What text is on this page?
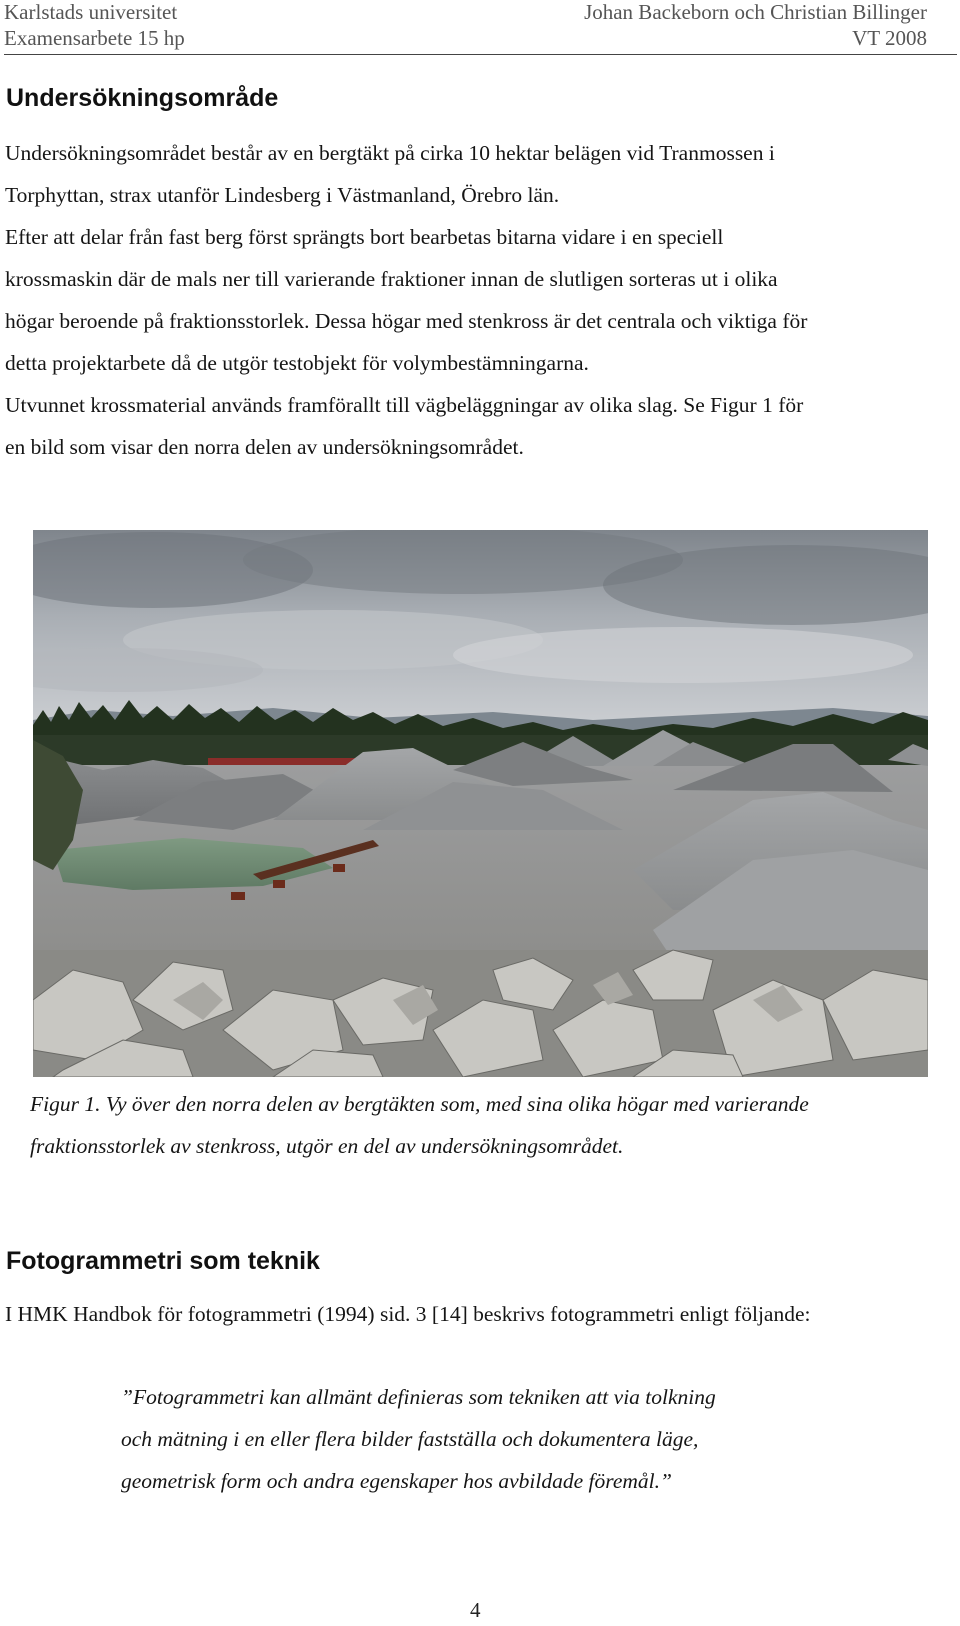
Karlstads universitet
Examensarbete 15 hp
Johan Backeborn och Christian Billinger
VT 2008
Undersökningsområde
Undersökningsområdet består av en bergtäkt på cirka 10 hektar belägen vid Tranmossen i
Torphyttan, strax utanför Lindesberg i Västmanland, Örebro län.
Efter att delar från fast berg först sprängts bort bearbetas bitarna vidare i en speciell
krossmaskin där de mals ner till varierande fraktioner innan de slutligen sorteras ut i olika
högar beroende på fraktionsstorlek. Dessa högar med stenkross är det centrala och viktiga för
detta projektarbete då de utgör testobjekt för volymbestämningarna.
Utvunnet krossmaterial används framförallt till vägbeläggningar av olika slag. Se Figur 1 för
en bild som visar den norra delen av undersökningsområdet.
Figur 1. Vy över den norra delen av bergtäkten som, med sina olika högar med varierande
fraktionsstorlek av stenkross, utgör en del av undersökningsområdet.
Fotogrammetri som teknik
I HMK Handbok för fotogrammetri (1994) sid. 3 [14] beskrivs fotogrammetri enligt följande:
”Fotogrammetri kan allmänt definieras som tekniken att via tolkning
och mätning i en eller flera bilder fastställa och dokumentera läge,
geometrisk form och andra egenskaper hos avbildade föremål.”
4
